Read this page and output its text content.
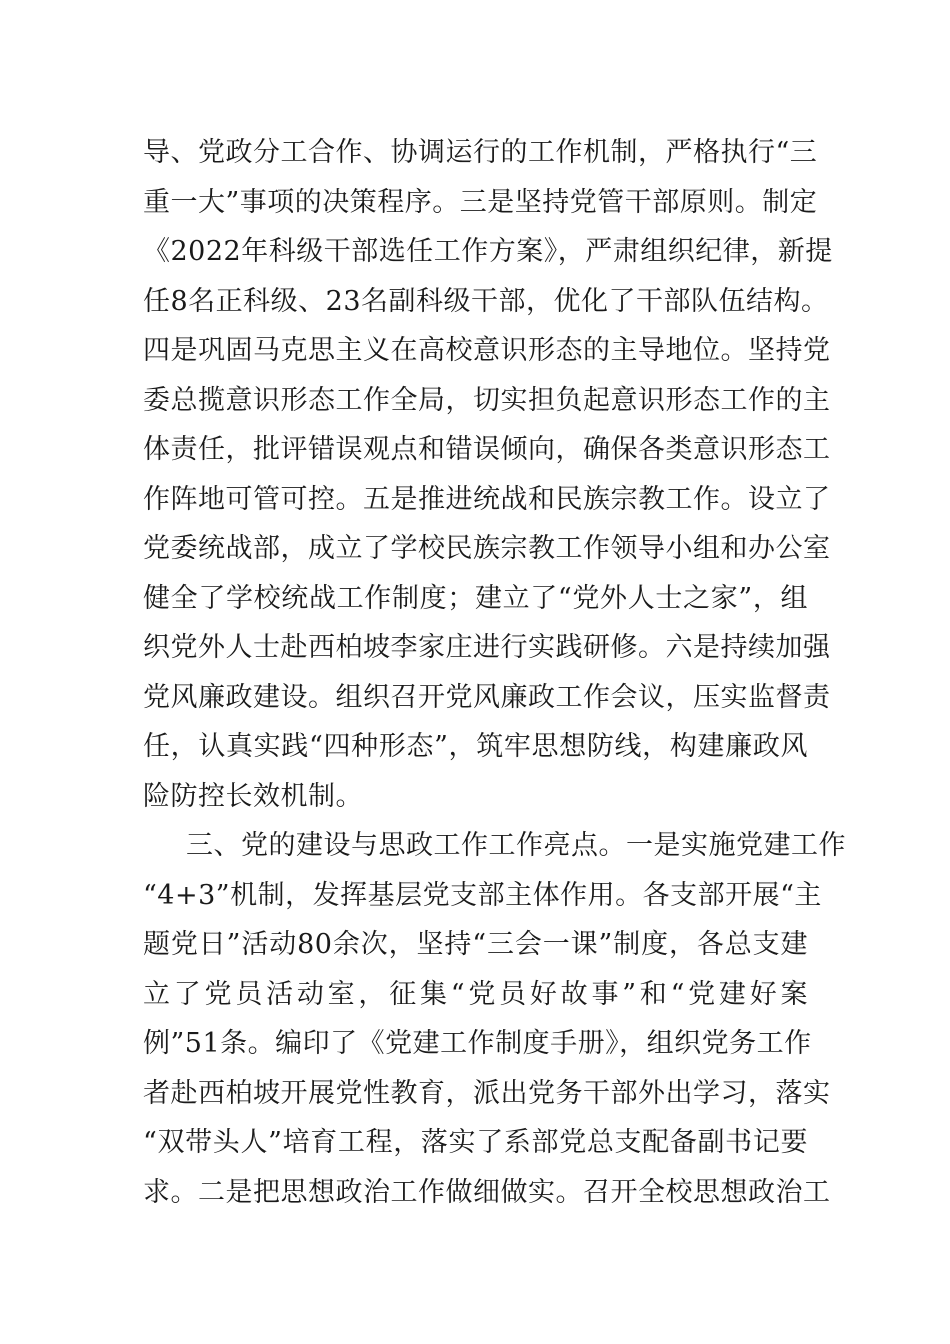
导、党政分工合作、协调运行的工作机制，严格执行“三
重一大”事项的决策程序。三是坚持党管干部原则。制定
《2022年科级干部选任工作方案》，严肃组织纪律，新提
任8名正科级、23名副科级干部，优化了干部队伍结构。
四是巩固马克思主义在高校意识形态的主导地位。坚持党
委总揽意识形态工作全局，切实担负起意识形态工作的主
体责任，批评错误观点和错误倾向，确保各类意识形态工
作阵地可管可控。五是推进统战和民族宗教工作。设立了
党委统战部，成立了学校民族宗教工作领导小组和办公室
健全了学校统战工作制度；建立了“党外人士之家”，组
织党外人士赴西柏坡李家庄进行实践研修。六是持续加强
党风廉政建设。组织召开党风廉政工作会议，压实监督责
任，认真实践“四种形态”，筑牢思想防线，构建廉政风
险防控长效机制。
三、党的建设与思政工作工作亮点。一是实施党建工作
“4+3”机制，发挥基层党支部主体作用。各支部开展“主
题党日”活动80余次，坚持“三会一课”制度，各总支建
立了党员活动室，征集“党员好故事”和“党建好案
例”51条。编印了《党建工作制度手册》，组织党务工作
者赴西柏坡开展党性教育，派出党务干部外出学习，落实
“双带头人”培育工程，落实了系部党总支配备副书记要
求。二是把思想政治工作做细做实。召开全校思想政治工
